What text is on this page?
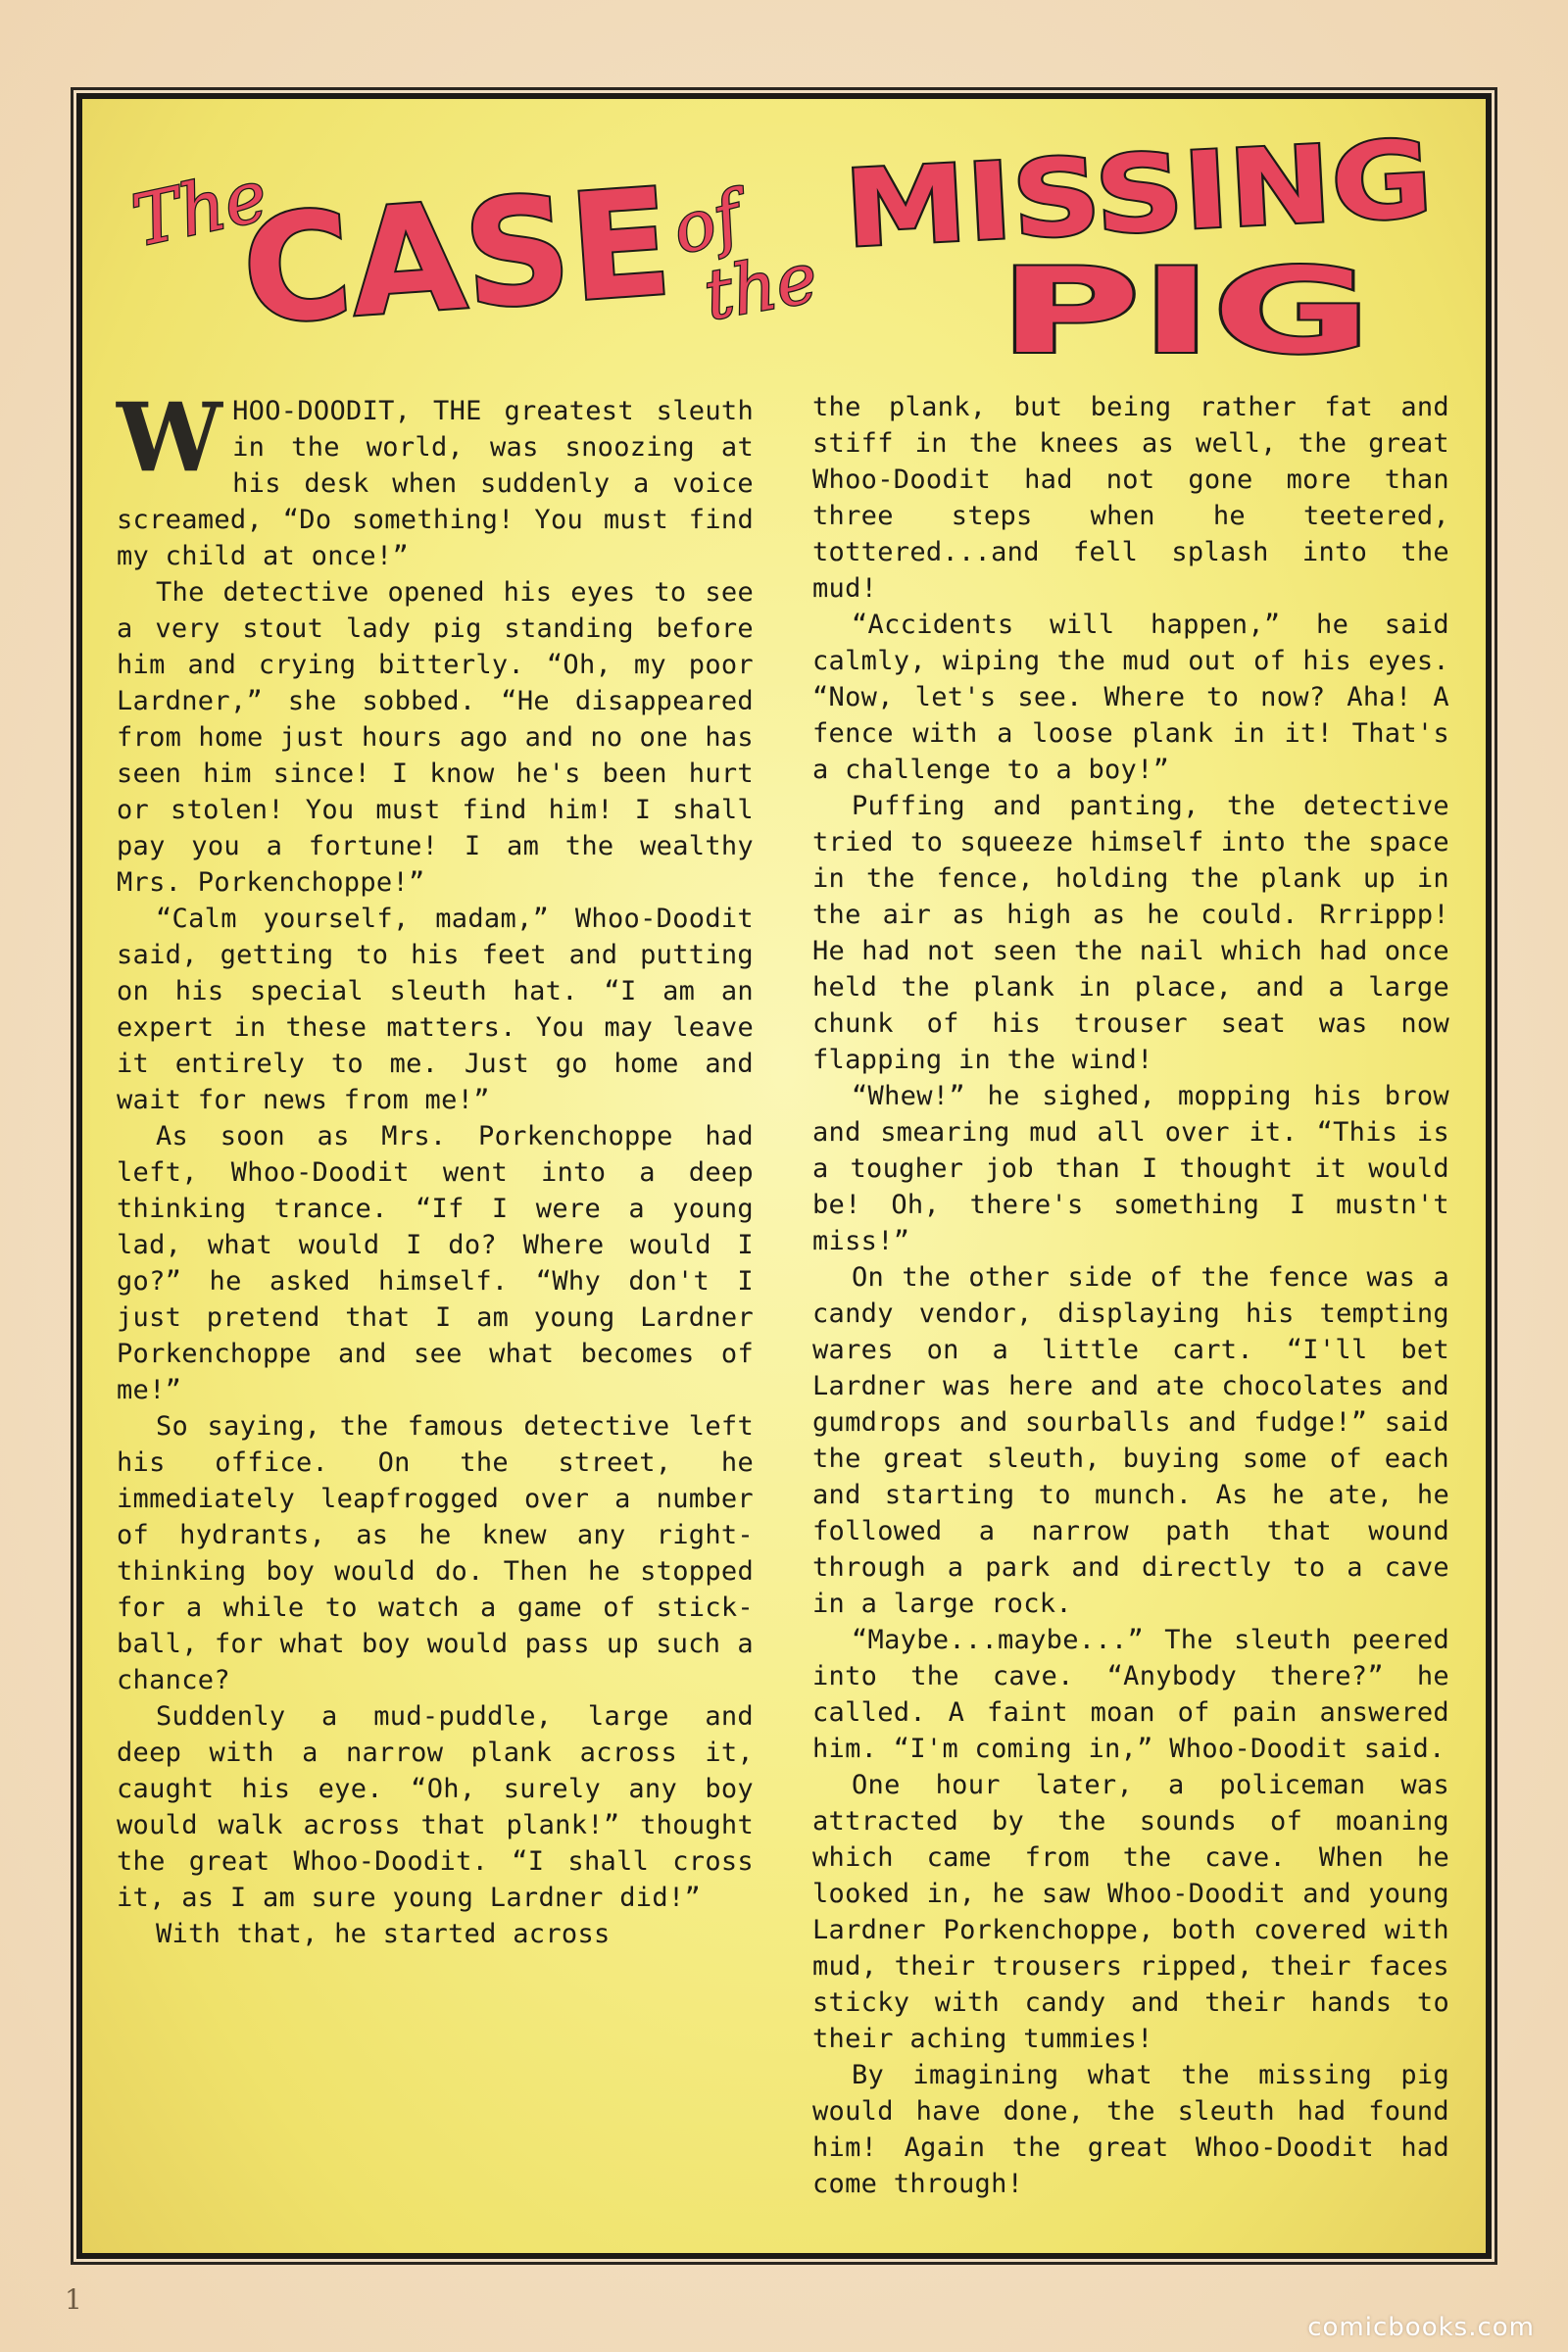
The
CASE
of
the
MISSING
PIG

WHOO-DOODIT, THE greatest sleuth in the world, was snoozing at his desk when suddenly a voice screamed, “Do something! You must find my child at once!”

The detective opened his eyes to see a very stout lady pig standing before him and crying bitterly. “Oh, my poor Lardner,” she sobbed. “He disappeared from home just hours ago and no one has seen him since! I know he's been hurt or stolen! You must find him! I shall pay you a fortune! I am the wealthy Mrs. Porkenchoppe!”

“Calm yourself, madam,” Whoo-Doodit said, getting to his feet and putting on his special sleuth hat. “I am an expert in these matters. You may leave it entirely to me. Just go home and wait for news from me!”

As soon as Mrs. Porkenchoppe had left, Whoo-Doodit went into a deep thinking trance. “If I were a young lad, what would I do? Where would I go?” he asked himself. “Why don't I just pretend that I am young Lardner Porkenchoppe and see what becomes of me!”

So saying, the famous detective left his office. On the street, he immediately leapfrogged over a number of hydrants, as he knew any right-thinking boy would do. Then he stopped for a while to watch a game of stick-ball, for what boy would pass up such a chance?

Suddenly a mud-puddle, large and deep with a narrow plank across it, caught his eye. “Oh, surely any boy would walk across that plank!” thought the great Whoo-Doodit. “I shall cross it, as I am sure young Lardner did!”

With that, he started across

the plank, but being rather fat and stiff in the knees as well, the great Whoo-Doodit had not gone more than three steps when he teetered, tottered...and fell splash into the mud!

“Accidents will happen,” he said calmly, wiping the mud out of his eyes. “Now, let's see. Where to now? Aha! A fence with a loose plank in it! That's a challenge to a boy!”

Puffing and panting, the detective tried to squeeze himself into the space in the fence, holding the plank up in the air as high as he could. Rrrippp! He had not seen the nail which had once held the plank in place, and a large chunk of his trouser seat was now flapping in the wind!

“Whew!” he sighed, mopping his brow and smearing mud all over it. “This is a tougher job than I thought it would be! Oh, there's something I mustn't miss!”

On the other side of the fence was a candy vendor, displaying his tempting wares on a little cart. “I'll bet Lardner was here and ate chocolates and gumdrops and sourballs and fudge!” said the great sleuth, buying some of each and starting to munch. As he ate, he followed a narrow path that wound through a park and directly to a cave in a large rock.

“Maybe...maybe...” The sleuth peered into the cave. “Anybody there?” he called. A faint moan of pain answered him. “I'm coming in,” Whoo-Doodit said.

One hour later, a policeman was attracted by the sounds of moaning which came from the cave. When he looked in, he saw Whoo-Doodit and young Lardner Porkenchoppe, both covered with mud, their trousers ripped, their faces sticky with candy and their hands to their aching tummies!

By imagining what the missing pig would have done, the sleuth had found him! Again the great Whoo-Doodit had come through!

1
comicbooks.com
